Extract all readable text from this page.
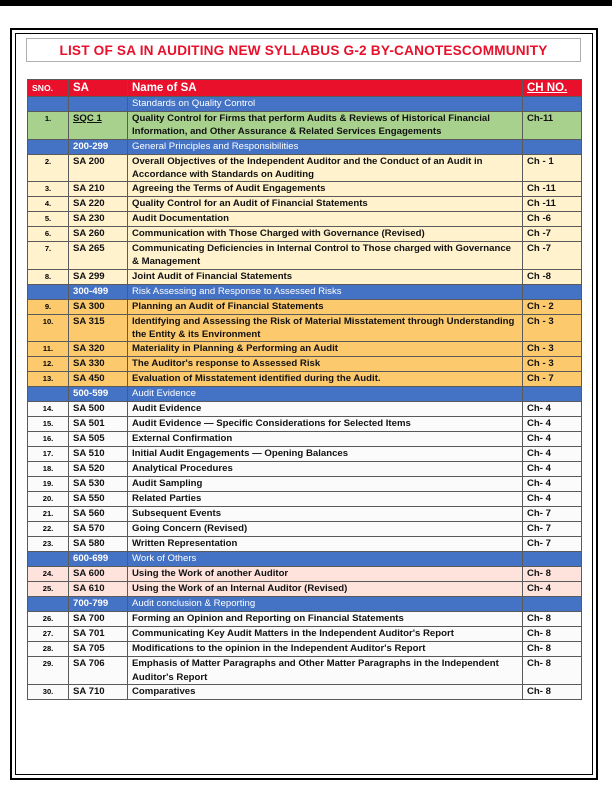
LIST OF SA IN AUDITING NEW SYLLABUS G-2 BY-CANOTESCOMMUNITY
SNO.	SA	Name of SA	CH NO.
		Standards on Quality Control	
1.	SQC 1	Quality Control for Firms that perform Audits & Reviews of Historical Financial Information, and Other Assurance & Related Services Engagements	Ch-11
	200-299	General Principles and Responsibilities	
2.	SA 200	Overall Objectives of the Independent Auditor and the Conduct of an Audit in Accordance with Standards on Auditing	Ch - 1
3.	SA 210	Agreeing the Terms of Audit Engagements	Ch -11
4.	SA 220	Quality Control for an Audit of Financial Statements	Ch -11
5.	SA 230	Audit Documentation	Ch -6
6.	SA 260	Communication with Those Charged with Governance (Revised)	Ch -7
7.	SA 265	Communicating Deficiencies in Internal Control to Those charged with Governance & Management	Ch -7
8.	SA 299	Joint Audit of Financial Statements	Ch -8
	300-499	Risk Assessing and Response to Assessed Risks	
9.	SA 300	Planning an Audit of Financial Statements	Ch - 2
10.	SA 315	Identifying and Assessing the Risk of Material Misstatement through Understanding the Entity & its Environment	Ch - 3
11.	SA 320	Materiality in Planning & Performing an Audit	Ch - 3
12.	SA 330	The Auditor's response to Assessed Risk	Ch - 3
13.	SA 450	Evaluation of Misstatement identified during the Audit.	Ch - 7
	500-599	Audit Evidence	
14.	SA 500	Audit Evidence	Ch- 4
15.	SA 501	Audit Evidence — Specific Considerations for Selected Items	Ch- 4
16.	SA 505	External Confirmation	Ch- 4
17.	SA 510	Initial Audit Engagements — Opening Balances	Ch- 4
18.	SA 520	Analytical Procedures	Ch- 4
19.	SA 530	Audit Sampling	Ch- 4
20.	SA 550	Related Parties	Ch- 4
21.	SA 560	Subsequent Events	Ch- 7
22.	SA 570	Going Concern (Revised)	Ch- 7
23.	SA 580	Written Representation	Ch- 7
	600-699	Work of Others	
24.	SA 600	Using the Work of another Auditor	Ch- 8
25.	SA 610	Using the Work of an Internal Auditor (Revised)	Ch- 4
	700-799	Audit conclusion & Reporting	
26.	SA 700	Forming an Opinion and Reporting on Financial Statements	Ch- 8
27.	SA 701	Communicating Key Audit Matters in the Independent Auditor's Report	Ch- 8
28.	SA 705	Modifications to the opinion in the Independent Auditor's Report	Ch- 8
29.	SA 706	Emphasis of Matter Paragraphs and Other Matter Paragraphs in the Independent Auditor's Report	Ch- 8
30.	SA 710	Comparatives	Ch- 8
